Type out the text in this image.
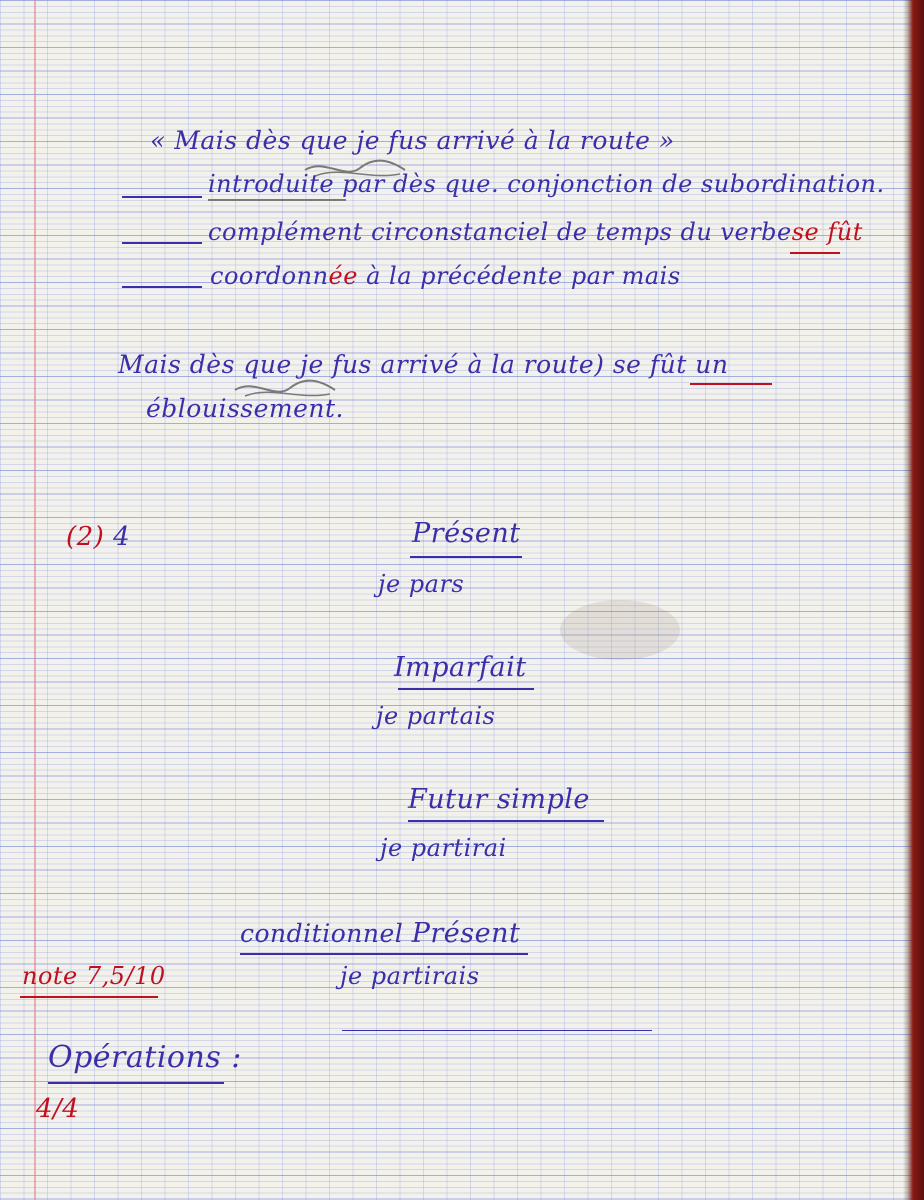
« Mais dès que je fus arrivé à la route »
introduite par dès que. conjonction de subordination.
complément circonstanciel de temps du verbese fût
coordonnée à la précédente par mais
Mais dès que je fus arrivé à la route) se fût un
éblouissement.
(2) 4	Présent
je pars
Imparfait
je partais
Futur simple
je partirai
conditionnel Présent
je partirais
note 7,5/10
Opérations :
4/4
